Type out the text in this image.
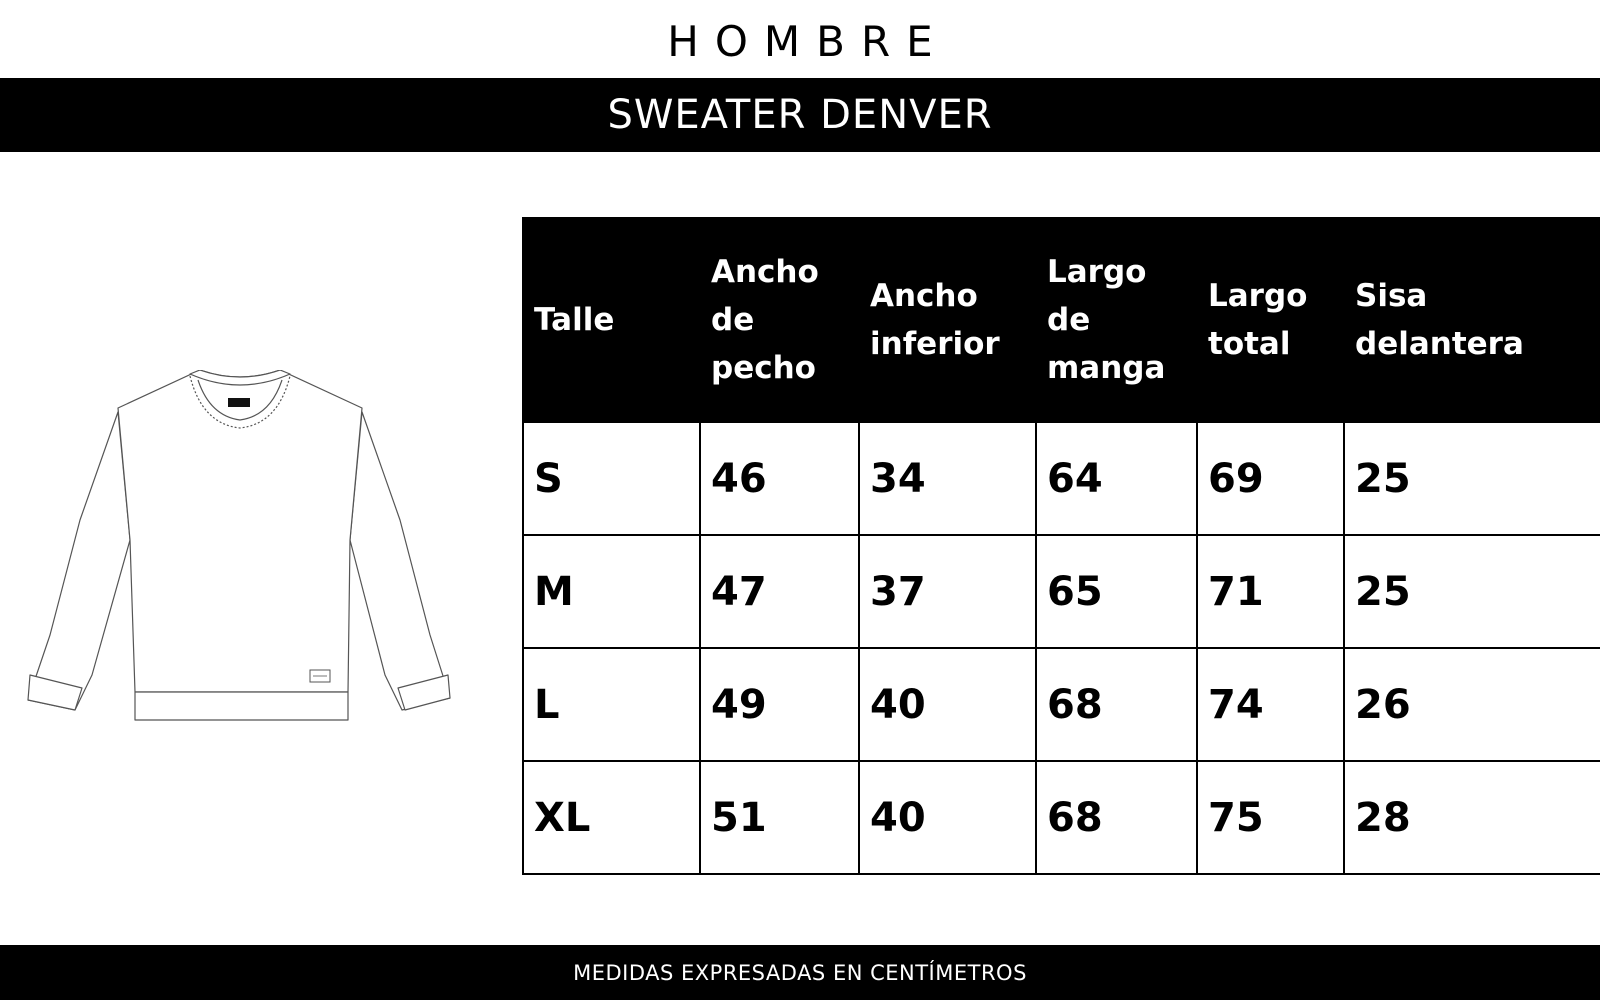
HOMBRE
SWEATER DENVER
Talle	Ancho de pecho	Ancho inferior	Largo de manga	Largo total	Sisa delantera
S	46	34	64	69	25
M	47	37	65	71	25
L	49	40	68	74	26
XL	51	40	68	75	28
MEDIDAS EXPRESADAS EN CENTÍMETROS
